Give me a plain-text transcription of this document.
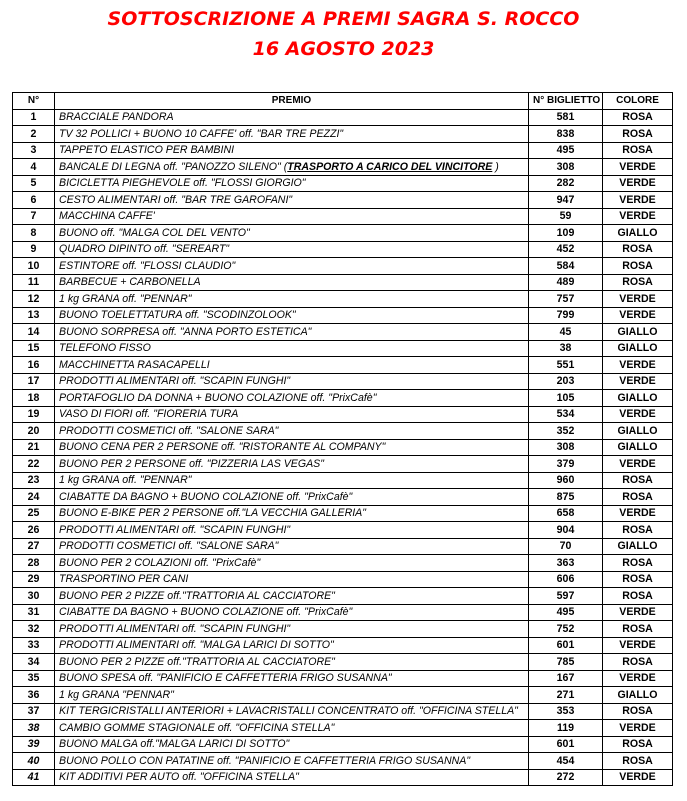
SOTTOSCRIZIONE A PREMI SAGRA S. ROCCO
16 AGOSTO 2023
N°	PREMIO	N° BIGLIETTO	COLORE
1	BRACCIALE PANDORA	581	ROSA
2	TV 32 POLLICI + BUONO 10 CAFFE' off. "BAR TRE PEZZI"	838	ROSA
3	TAPPETO ELASTICO PER BAMBINI	495	ROSA
4	BANCALE DI LEGNA off. "PANOZZO SILENO" (TRASPORTO A CARICO DEL VINCITORE )	308	VERDE
5	BICICLETTA PIEGHEVOLE off. "FLOSSI GIORGIO"	282	VERDE
6	CESTO ALIMENTARI off. "BAR TRE GAROFANI"	947	VERDE
7	MACCHINA CAFFE'	59	VERDE
8	BUONO off. "MALGA COL DEL VENTO"	109	GIALLO
9	QUADRO DIPINTO off. "SEREART"	452	ROSA
10	ESTINTORE off. "FLOSSI CLAUDIO"	584	ROSA
11	BARBECUE + CARBONELLA	489	ROSA
12	1 kg GRANA off. "PENNAR"	757	VERDE
13	BUONO TOELETTATURA off. "SCODINZOLOOK"	799	VERDE
14	BUONO SORPRESA off. "ANNA PORTO ESTETICA"	45	GIALLO
15	TELEFONO FISSO	38	GIALLO
16	MACCHINETTA RASACAPELLI	551	VERDE
17	PRODOTTI ALIMENTARI off. "SCAPIN FUNGHI"	203	VERDE
18	PORTAFOGLIO DA DONNA + BUONO COLAZIONE off. "PrixCafè"	105	GIALLO
19	VASO DI FIORI off. "FIORERIA TURA	534	VERDE
20	PRODOTTI COSMETICI off. "SALONE SARA"	352	GIALLO
21	BUONO CENA PER 2 PERSONE off. "RISTORANTE AL COMPANY"	308	GIALLO
22	BUONO PER 2 PERSONE off. "PIZZERIA LAS VEGAS"	379	VERDE
23	1 kg GRANA off. "PENNAR"	960	ROSA
24	CIABATTE DA BAGNO + BUONO COLAZIONE off. "PrixCafè"	875	ROSA
25	BUONO E-BIKE PER 2 PERSONE off."LA VECCHIA GALLERIA"	658	VERDE
26	PRODOTTI ALIMENTARI off. "SCAPIN FUNGHI"	904	ROSA
27	PRODOTTI COSMETICI off. "SALONE SARA"	70	GIALLO
28	BUONO PER 2 COLAZIONI off. "PrixCafè"	363	ROSA
29	TRASPORTINO PER CANI	606	ROSA
30	BUONO PER 2 PIZZE off."TRATTORIA AL CACCIATORE"	597	ROSA
31	CIABATTE DA BAGNO + BUONO COLAZIONE off. "PrixCafè"	495	VERDE
32	PRODOTTI ALIMENTARI off. "SCAPIN FUNGHI"	752	ROSA
33	PRODOTTI ALIMENTARI off. "MALGA LARICI DI SOTTO"	601	VERDE
34	BUONO PER 2 PIZZE off."TRATTORIA AL CACCIATORE"	785	ROSA
35	BUONO SPESA off. "PANIFICIO E CAFFETTERIA FRIGO SUSANNA"	167	VERDE
36	1 kg GRANA "PENNAR"	271	GIALLO
37	KIT TERGICRISTALLI ANTERIORI + LAVACRISTALLI CONCENTRATO off. "OFFICINA STELLA"	353	ROSA
38	CAMBIO GOMME STAGIONALE off. "OFFICINA STELLA"	119	VERDE
39	BUONO MALGA off."MALGA LARICI DI SOTTO"	601	ROSA
40	BUONO POLLO CON PATATINE off. "PANIFICIO E CAFFETTERIA FRIGO SUSANNA"	454	ROSA
41	KIT ADDITIVI PER AUTO off. "OFFICINA STELLA"	272	VERDE
